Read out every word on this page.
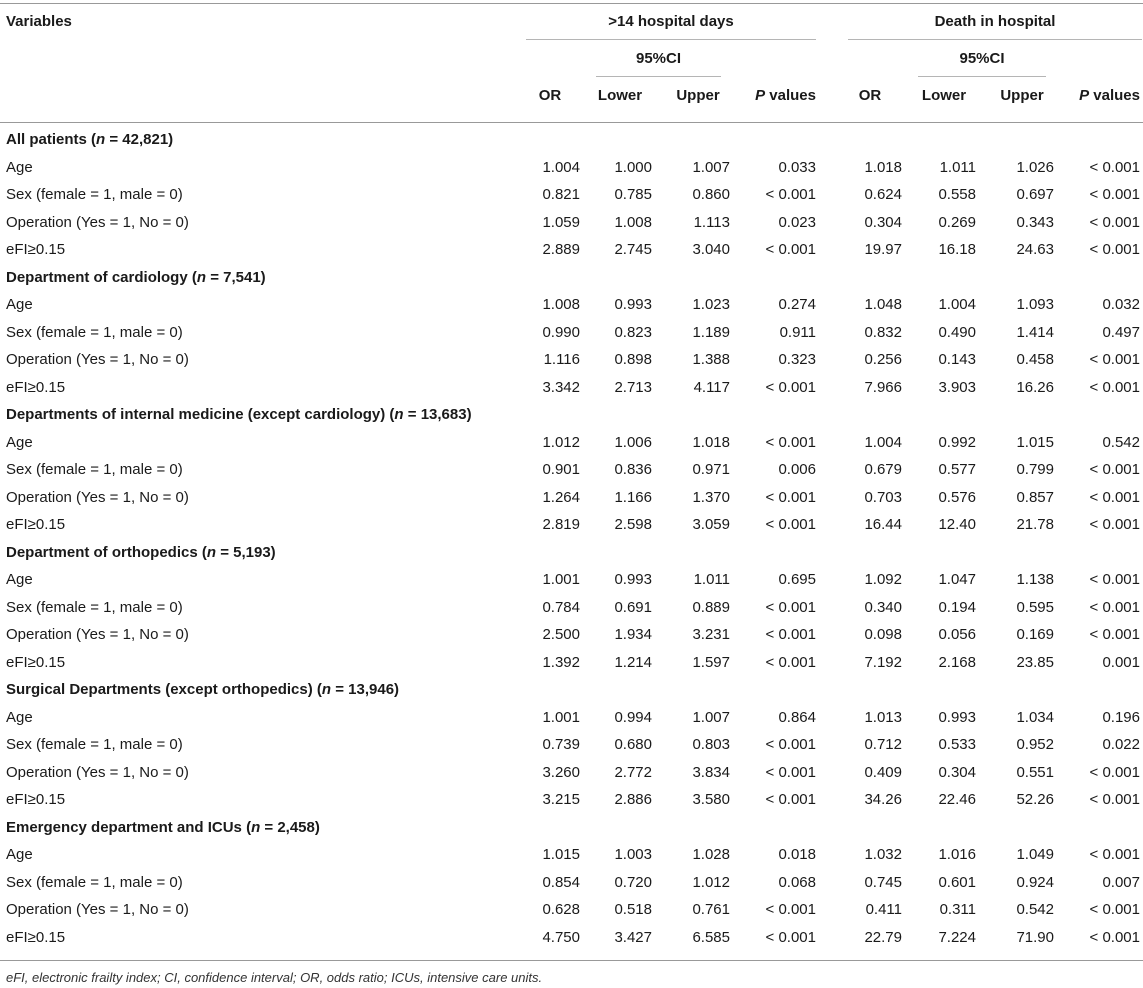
Variables	>14 hospital days	Death in hospital
95%CI	95%CI
OR	Lower	Upper	P values	OR	Lower	Upper	P values
All patients (n = 42,821)
Age	1.004	1.000	1.007	0.033	1.018	1.011	1.026	< 0.001
Sex (female = 1, male = 0)	0.821	0.785	0.860	< 0.001	0.624	0.558	0.697	< 0.001
Operation (Yes = 1, No = 0)	1.059	1.008	1.113	0.023	0.304	0.269	0.343	< 0.001
eFI≥0.15	2.889	2.745	3.040	< 0.001	19.97	16.18	24.63	< 0.001
Department of cardiology (n = 7,541)
Age	1.008	0.993	1.023	0.274	1.048	1.004	1.093	0.032
Sex (female = 1, male = 0)	0.990	0.823	1.189	0.911	0.832	0.490	1.414	0.497
Operation (Yes = 1, No = 0)	1.116	0.898	1.388	0.323	0.256	0.143	0.458	< 0.001
eFI≥0.15	3.342	2.713	4.117	< 0.001	7.966	3.903	16.26	< 0.001
Departments of internal medicine (except cardiology) (n = 13,683)
Age	1.012	1.006	1.018	< 0.001	1.004	0.992	1.015	0.542
Sex (female = 1, male = 0)	0.901	0.836	0.971	0.006	0.679	0.577	0.799	< 0.001
Operation (Yes = 1, No = 0)	1.264	1.166	1.370	< 0.001	0.703	0.576	0.857	< 0.001
eFI≥0.15	2.819	2.598	3.059	< 0.001	16.44	12.40	21.78	< 0.001
Department of orthopedics (n = 5,193)
Age	1.001	0.993	1.011	0.695	1.092	1.047	1.138	< 0.001
Sex (female = 1, male = 0)	0.784	0.691	0.889	< 0.001	0.340	0.194	0.595	< 0.001
Operation (Yes = 1, No = 0)	2.500	1.934	3.231	< 0.001	0.098	0.056	0.169	< 0.001
eFI≥0.15	1.392	1.214	1.597	< 0.001	7.192	2.168	23.85	0.001
Surgical Departments (except orthopedics) (n = 13,946)
Age	1.001	0.994	1.007	0.864	1.013	0.993	1.034	0.196
Sex (female = 1, male = 0)	0.739	0.680	0.803	< 0.001	0.712	0.533	0.952	0.022
Operation (Yes = 1, No = 0)	3.260	2.772	3.834	< 0.001	0.409	0.304	0.551	< 0.001
eFI≥0.15	3.215	2.886	3.580	< 0.001	34.26	22.46	52.26	< 0.001
Emergency department and ICUs (n = 2,458)
Age	1.015	1.003	1.028	0.018	1.032	1.016	1.049	< 0.001
Sex (female = 1, male = 0)	0.854	0.720	1.012	0.068	0.745	0.601	0.924	0.007
Operation (Yes = 1, No = 0)	0.628	0.518	0.761	< 0.001	0.411	0.311	0.542	< 0.001
eFI≥0.15	4.750	3.427	6.585	< 0.001	22.79	7.224	71.90	< 0.001
eFI, electronic frailty index; CI, confidence interval; OR, odds ratio; ICUs, intensive care units.
